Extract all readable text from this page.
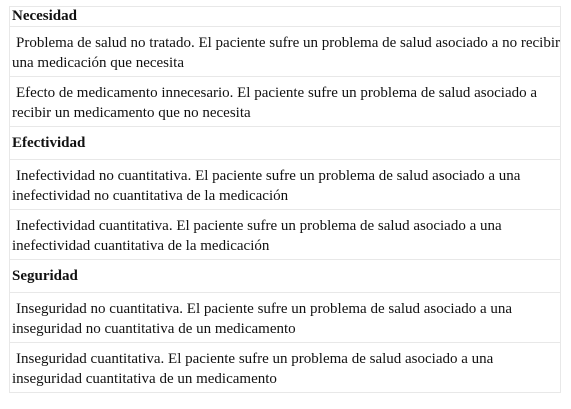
Necesidad
Problema de salud no tratado. El paciente sufre un problema de salud asociado a no recibir una medicación que necesita
Efecto de medicamento innecesario. El paciente sufre un problema de salud asociado a recibir un medicamento que no necesita
Efectividad
Inefectividad no cuantitativa. El paciente sufre un problema de salud asociado a una inefectividad no cuantitativa de la medicación
Inefectividad cuantitativa. El paciente sufre un problema de salud asociado a una inefectividad cuantitativa de la medicación
Seguridad
Inseguridad no cuantitativa. El paciente sufre un problema de salud asociado a una inseguridad no cuantitativa de un medicamento
Inseguridad cuantitativa. El paciente sufre un problema de salud asociado a una inseguridad cuantitativa de un medicamento
